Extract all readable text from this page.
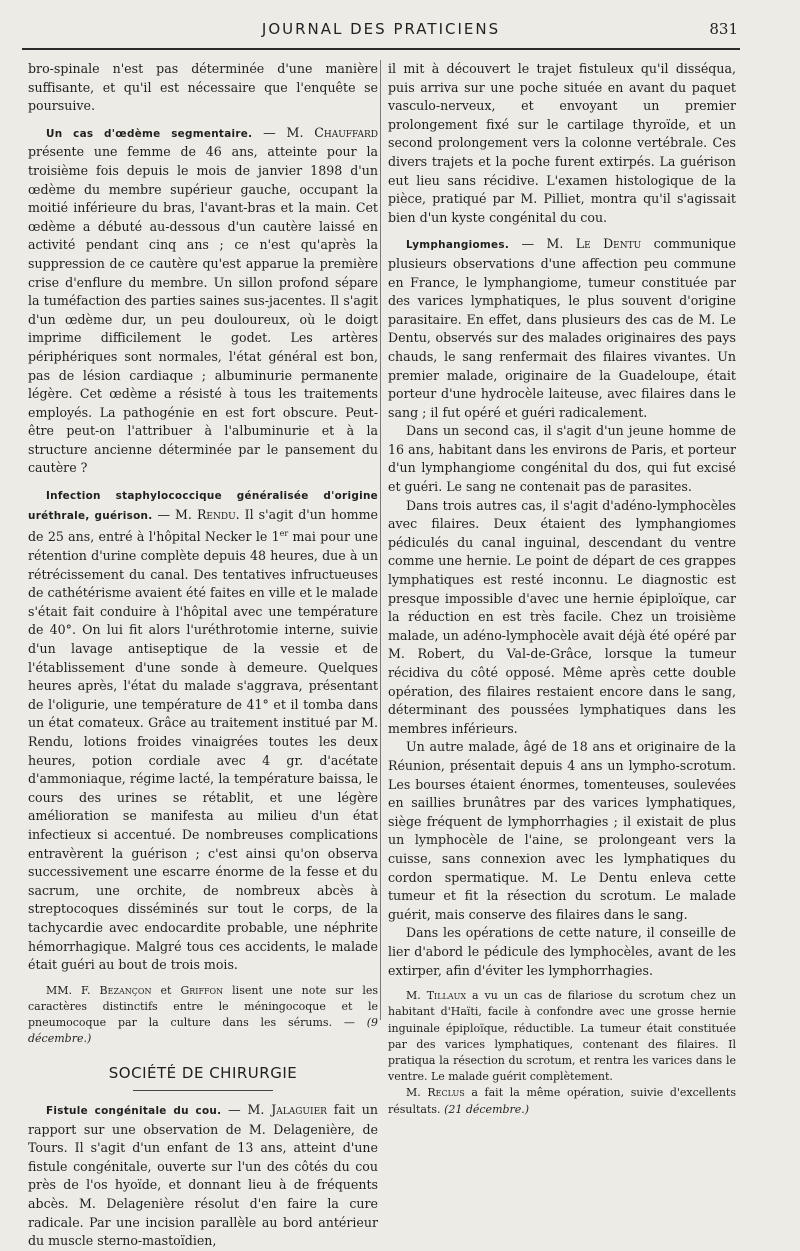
JOURNAL DES PRATICIENS	831

bro-spinale n'est pas déterminée d'une manière suffisante, et qu'il est nécessaire que l'enquête se poursuive.

Un cas d'œdème segmentaire. — M. Chauffard présente une femme de 46 ans, atteinte pour la troisième fois depuis le mois de janvier 1898 d'un œdème du membre supérieur gauche, occupant la moitié inférieure du bras, l'avant-bras et la main. Cet œdème a débuté au-dessous d'un cautère laissé en activité pendant cinq ans ; ce n'est qu'après la suppression de ce cautère qu'est apparue la première crise d'enflure du membre. Un sillon profond sépare la tuméfaction des parties saines sus-jacentes. Il s'agit d'un œdème dur, un peu douloureux, où le doigt imprime difficilement le godet. Les artères périphériques sont normales, l'état général est bon, pas de lésion cardiaque ; albuminurie permanente légère. Cet œdème a résisté à tous les traitements employés. La pathogénie en est fort obscure. Peut-être peut-on l'attribuer à l'albuminurie et à la structure ancienne déterminée par le pansement du cautère ?

Infection staphylococcique généralisée d'origine uréthrale, guérison. — M. Rendu. Il s'agit d'un homme de 25 ans, entré à l'hôpital Necker le 1er mai pour une rétention d'urine complète depuis 48 heures, due à un rétrécissement du canal. Des tentatives infructueuses de cathétérisme avaient été faites en ville et le malade s'était fait conduire à l'hôpital avec une température de 40°. On lui fit alors l'uréthrotomie interne, suivie d'un lavage antiseptique de la vessie et de l'établissement d'une sonde à demeure. Quelques heures après, l'état du malade s'aggrava, présentant de l'oligurie, une température de 41° et il tomba dans un état comateux. Grâce au traitement institué par M. Rendu, lotions froides vinaigrées toutes les deux heures, potion cordiale avec 4 gr. d'acétate d'ammoniaque, régime lacté, la température baissa, le cours des urines se rétablit, et une légère amélioration se manifesta au milieu d'un état infectieux si accentué. De nombreuses complications entravèrent la guérison ; c'est ainsi qu'on observa successivement une escarre énorme de la fesse et du sacrum, une orchite, de nombreux abcès à streptocoques disséminés sur tout le corps, de la tachycardie avec endocardite probable, une néphrite hémorrhagique. Malgré tous ces accidents, le malade était guéri au bout de trois mois.

MM. F. Bezançon et Griffon lisent une note sur les caractères distinctifs entre le méningocoque et le pneumocoque par la culture dans les sérums. — (9 décembre.)

SOCIÉTÉ DE CHIRURGIE

Fistule congénitale du cou. — M. Jalaguier fait un rapport sur une observation de M. Delagenière, de Tours. Il s'agit d'un enfant de 13 ans, atteint d'une fistule congénitale, ouverte sur l'un des côtés du cou près de l'os hyoïde, et donnant lieu à de fréquents abcès. M. Delagenière résolut d'en faire la cure radicale. Par une incision parallèle au bord antérieur du muscle sterno-mastoïdien,

il mit à découvert le trajet fistuleux qu'il disséqua, puis arriva sur une poche située en avant du paquet vasculo-nerveux, et envoyant un premier prolongement fixé sur le cartilage thyroïde, et un second prolongement vers la colonne vertébrale. Ces divers trajets et la poche furent extirpés. La guérison eut lieu sans récidive. L'examen histologique de la pièce, pratiqué par M. Pilliet, montra qu'il s'agissait bien d'un kyste congénital du cou.

Lymphangiomes. — M. Le Dentu communique plusieurs observations d'une affection peu commune en France, le lymphangiome, tumeur constituée par des varices lymphatiques, le plus souvent d'origine parasitaire. En effet, dans plusieurs des cas de M. Le Dentu, observés sur des malades originaires des pays chauds, le sang renfermait des filaires vivantes. Un premier malade, originaire de la Guadeloupe, était porteur d'une hydrocèle laiteuse, avec filaires dans le sang ; il fut opéré et guéri radicalement.

Dans un second cas, il s'agit d'un jeune homme de 16 ans, habitant dans les environs de Paris, et porteur d'un lymphangiome congénital du dos, qui fut excisé et guéri. Le sang ne contenait pas de parasites.

Dans trois autres cas, il s'agit d'adéno-lymphocèles avec filaires. Deux étaient des lymphangiomes pédiculés du canal inguinal, descendant du ventre comme une hernie. Le point de départ de ces grappes lymphatiques est resté inconnu. Le diagnostic est presque impossible d'avec une hernie épiploïque, car la réduction en est très facile. Chez un troisième malade, un adéno-lymphocèle avait déjà été opéré par M. Robert, du Val-de-Grâce, lorsque la tumeur récidiva du côté opposé. Même après cette double opération, des filaires restaient encore dans le sang, déterminant des poussées lymphatiques dans les membres inférieurs.

Un autre malade, âgé de 18 ans et originaire de la Réunion, présentait depuis 4 ans un lympho-scrotum. Les bourses étaient énormes, tomenteuses, soulevées en saillies brunâtres par des varices lymphatiques, siège fréquent de lymphorrhagies ; il existait de plus un lymphocèle de l'aine, se prolongeant vers la cuisse, sans connexion avec les lymphatiques du cordon spermatique. M. Le Dentu enleva cette tumeur et fit la résection du scrotum. Le malade guérit, mais conserve des filaires dans le sang.

Dans les opérations de cette nature, il conseille de lier d'abord le pédicule des lymphocèles, avant de les extirper, afin d'éviter les lymphorrhagies.

M. Tillaux a vu un cas de filariose du scrotum chez un habitant d'Haïti, facile à confondre avec une grosse hernie inguinale épiploïque, réductible. La tumeur était constituée par des varices lymphatiques, contenant des filaires. Il pratiqua la résection du scrotum, et rentra les varices dans le ventre. Le malade guérit complètement.

M. Reclus a fait la même opération, suivie d'excellents résultats. (21 décembre.)
